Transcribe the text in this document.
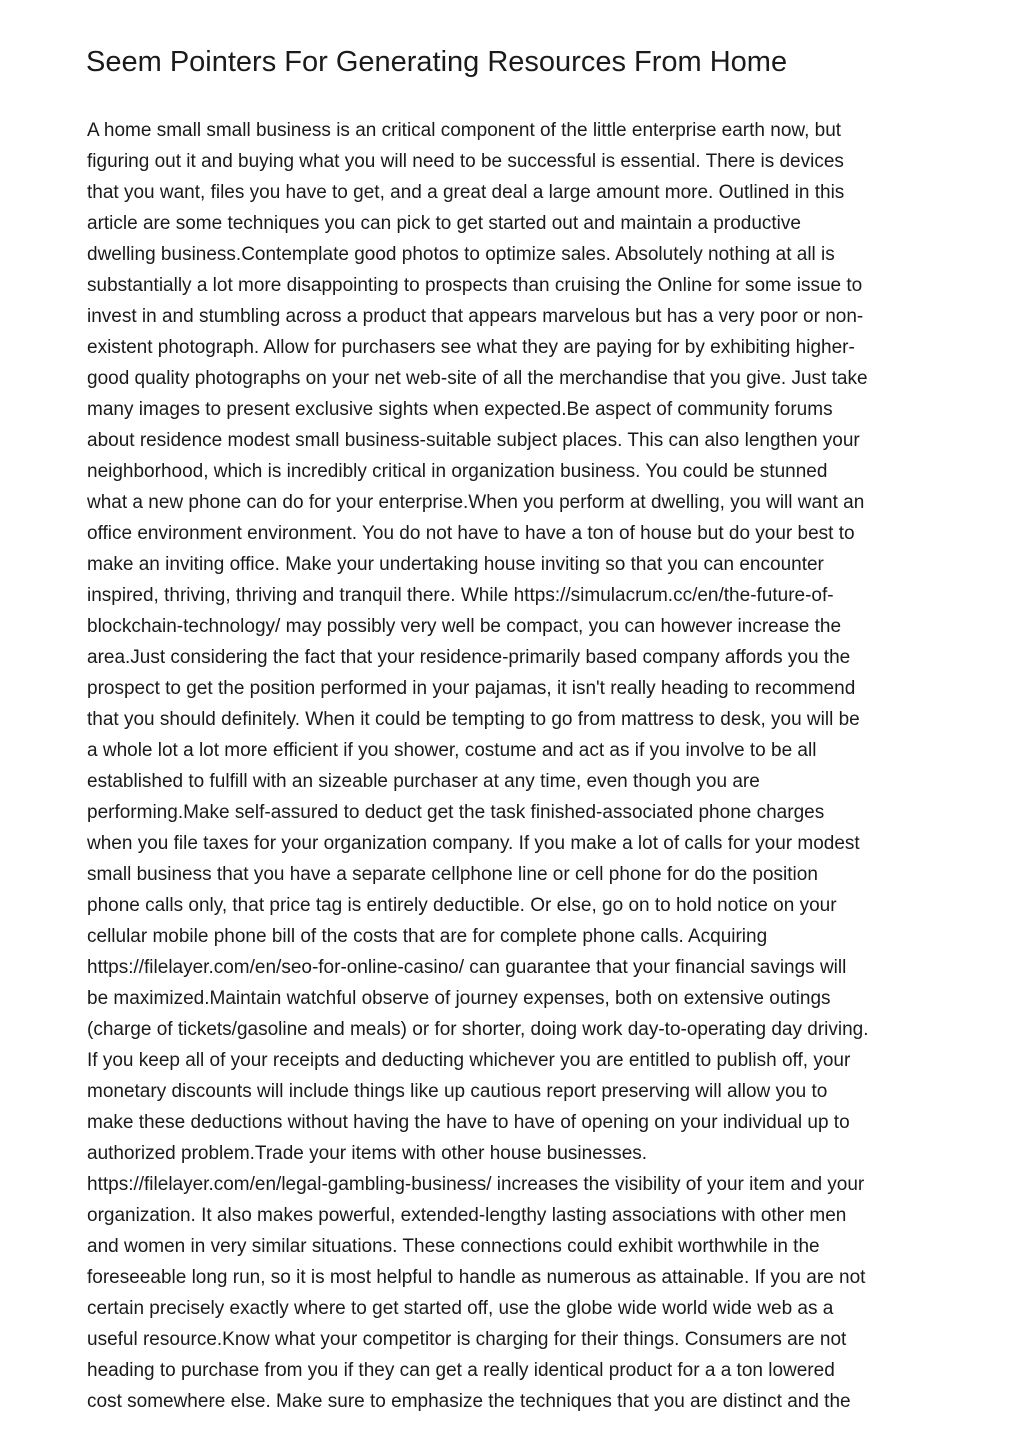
Seem Pointers For Generating Resources From Home
A home small small business is an critical component of the little enterprise earth now, but
figuring out it and buying what you will need to be successful is essential. There is devices
that you want, files you have to get, and a great deal a large amount more. Outlined in this
article are some techniques you can pick to get started out and maintain a productive
dwelling business.Contemplate good photos to optimize sales. Absolutely nothing at all is
substantially a lot more disappointing to prospects than cruising the Online for some issue to
invest in and stumbling across a product that appears marvelous but has a very poor or non-
existent photograph. Allow for purchasers see what they are paying for by exhibiting higher-
good quality photographs on your net web-site of all the merchandise that you give. Just take
many images to present exclusive sights when expected.Be aspect of community forums
about residence modest small business-suitable subject places. This can also lengthen your
neighborhood, which is incredibly critical in organization business. You could be stunned
what a new phone can do for your enterprise.When you perform at dwelling, you will want an
office environment environment. You do not have to have a ton of house but do your best to
make an inviting office. Make your undertaking house inviting so that you can encounter
inspired, thriving, thriving and tranquil there. While https://simulacrum.cc/en/the-future-of-
blockchain-technology/ may possibly very well be compact, you can however increase the
area.Just considering the fact that your residence-primarily based company affords you the
prospect to get the position performed in your pajamas, it isn't really heading to recommend
that you should definitely. When it could be tempting to go from mattress to desk, you will be
a whole lot a lot more efficient if you shower, costume and act as if you involve to be all
established to fulfill with an sizeable purchaser at any time, even though you are
performing.Make self-assured to deduct get the task finished-associated phone charges
when you file taxes for your organization company. If you make a lot of calls for your modest
small business that you have a separate cellphone line or cell phone for do the position
phone calls only, that price tag is entirely deductible. Or else, go on to hold notice on your
cellular mobile phone bill of the costs that are for complete phone calls. Acquiring
https://filelayer.com/en/seo-for-online-casino/ can guarantee that your financial savings will
be maximized.Maintain watchful observe of journey expenses, both on extensive outings
(charge of tickets/gasoline and meals) or for shorter, doing work day-to-operating day driving.
If you keep all of your receipts and deducting whichever you are entitled to publish off, your
monetary discounts will include things like up cautious report preserving will allow you to
make these deductions without having the have to have of opening on your individual up to
authorized problem.Trade your items with other house businesses.
https://filelayer.com/en/legal-gambling-business/ increases the visibility of your item and your
organization. It also makes powerful, extended-lengthy lasting associations with other men
and women in very similar situations. These connections could exhibit worthwhile in the
foreseeable long run, so it is most helpful to handle as numerous as attainable. If you are not
certain precisely exactly where to get started off, use the globe wide world wide web as a
useful resource.Know what your competitor is charging for their things. Consumers are not
heading to purchase from you if they can get a really identical product for a a ton lowered
cost somewhere else. Make sure to emphasize the techniques that you are distinct and the
